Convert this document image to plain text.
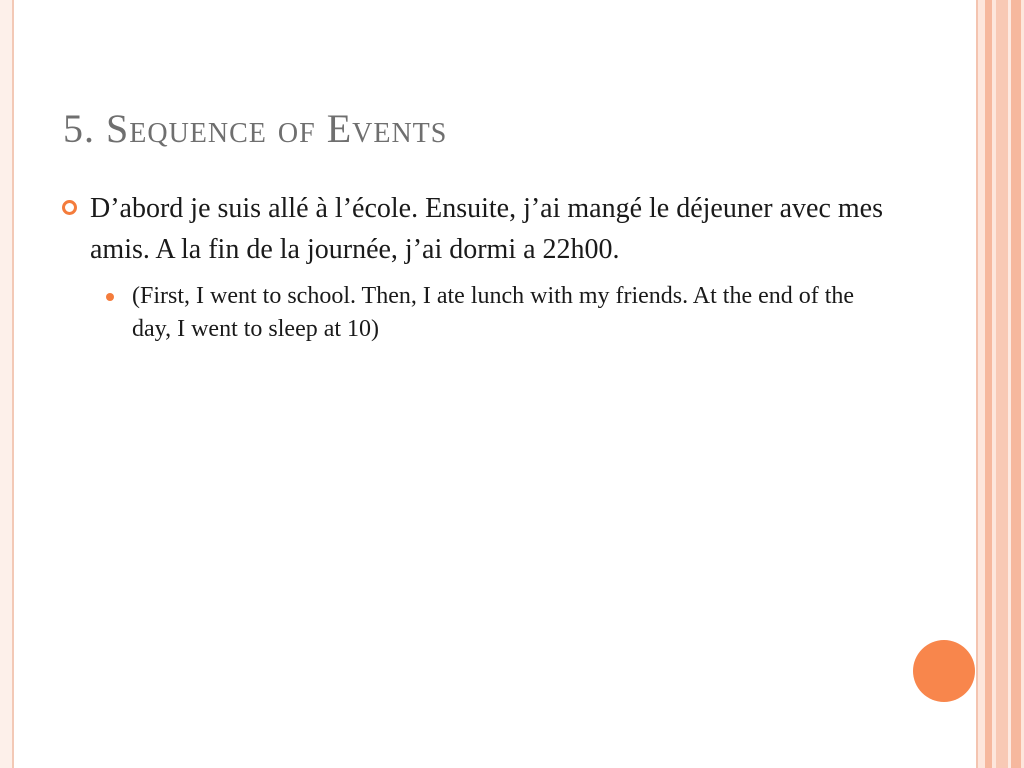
5. Sequence of Events
D’abord je suis allé à l’école. Ensuite, j’ai mangé le déjeuner avec mes amis. A la fin de la journée, j’ai dormi a 22h00.
(First, I went to school. Then, I ate lunch with my friends. At the end of the day, I went to sleep at 10)
